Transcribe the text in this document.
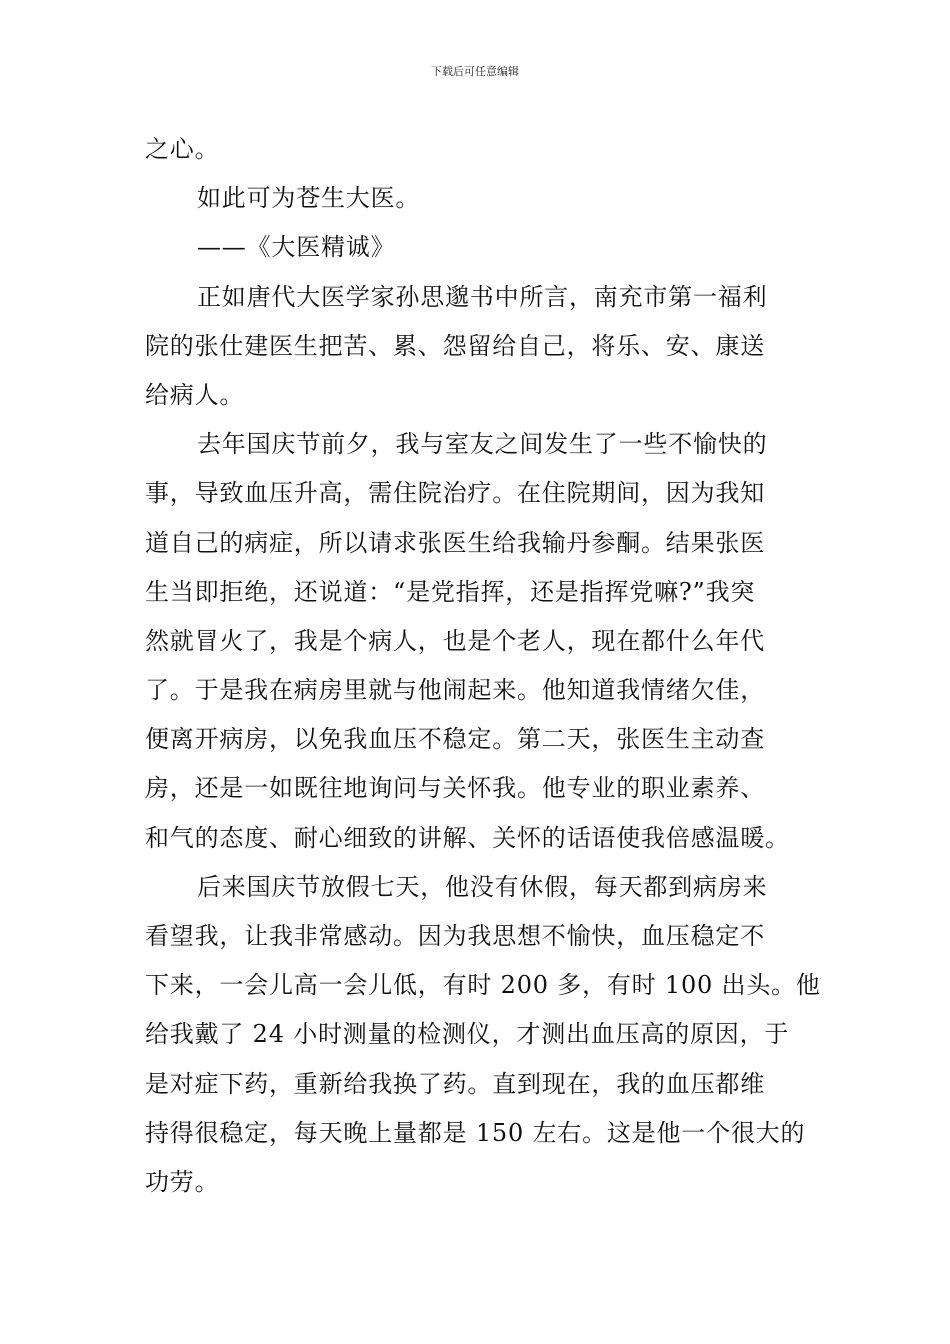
下载后可任意编辑
之心。
如此可为苍生大医。
——《大医精诚》
正如唐代大医学家孙思邈书中所言，南充市第一福利
院的张仕建医生把苦、累、怨留给自己，将乐、安、康送
给病人。
去年国庆节前夕，我与室友之间发生了一些不愉快的
事，导致血压升高，需住院治疗。在住院期间，因为我知
道自己的病症，所以请求张医生给我输丹参酮。结果张医
生当即拒绝，还说道：“是党指挥，还是指挥党嘛?”我突
然就冒火了，我是个病人，也是个老人，现在都什么年代
了。于是我在病房里就与他闹起来。他知道我情绪欠佳，
便离开病房，以免我血压不稳定。第二天，张医生主动查
房，还是一如既往地询问与关怀我。他专业的职业素养、
和气的态度、耐心细致的讲解、关怀的话语使我倍感温暖。
后来国庆节放假七天，他没有休假，每天都到病房来
看望我，让我非常感动。因为我思想不愉快，血压稳定不
下来，一会儿高一会儿低，有时 200 多，有时 100 出头。他
给我戴了 24 小时测量的检测仪，才测出血压高的原因，于
是对症下药，重新给我换了药。直到现在，我的血压都维
持得很稳定，每天晚上量都是 150 左右。这是他一个很大的
功劳。
